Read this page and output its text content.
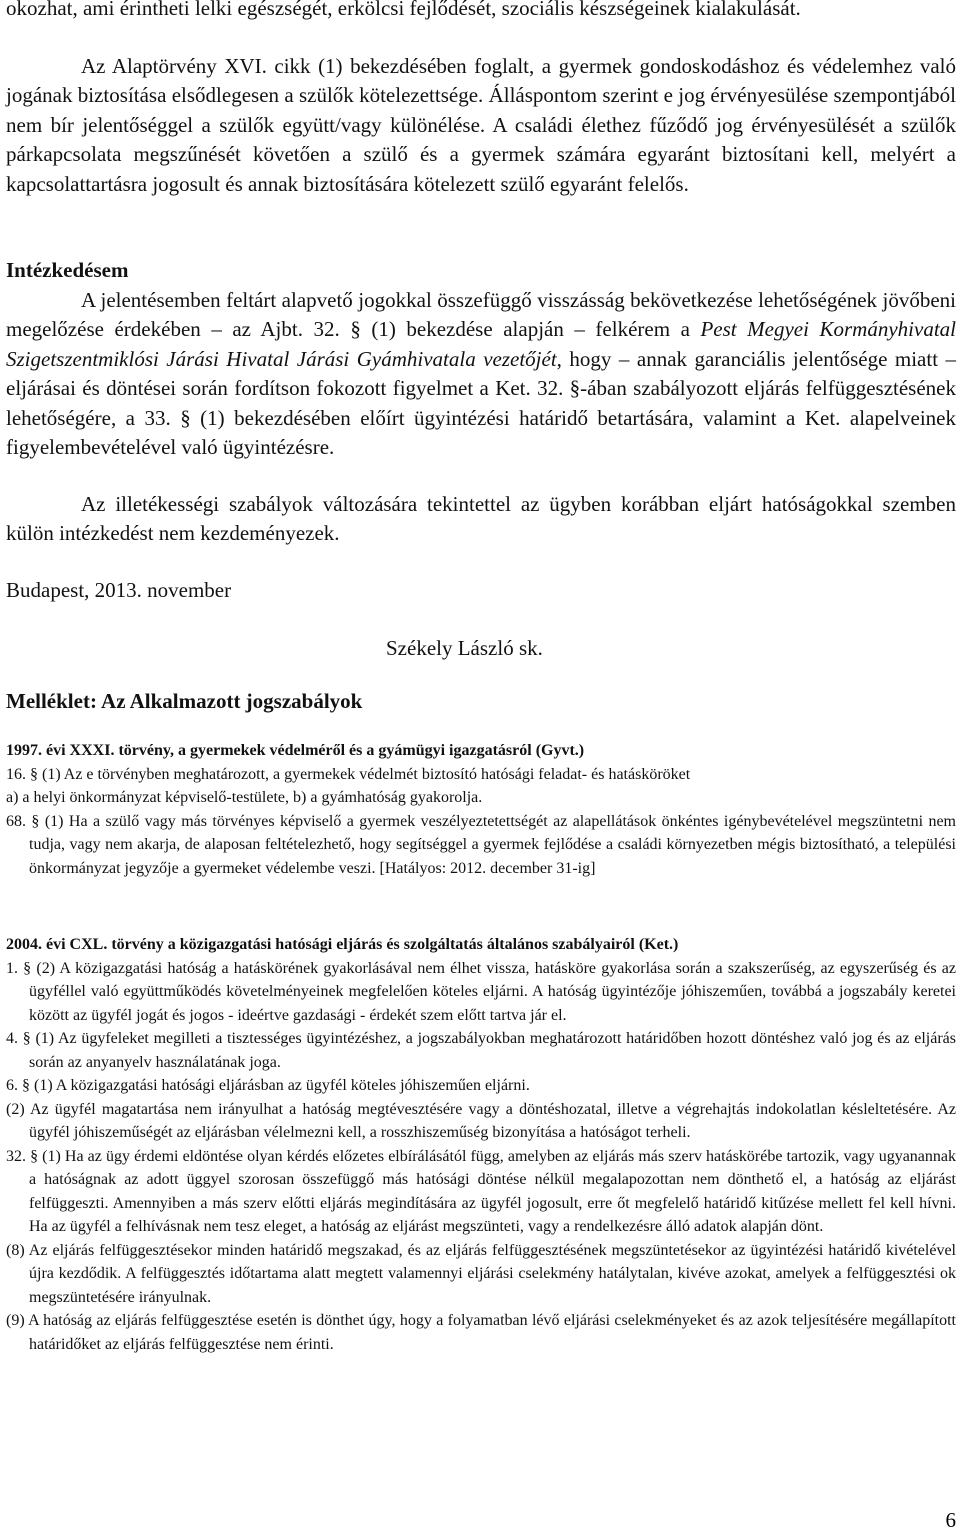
okozhat, ami érintheti lelki egészségét, erkölcsi fejlődését, szociális készségeinek kialakulását.

Az Alaptörvény XVI. cikk (1) bekezdésében foglalt, a gyermek gondoskodáshoz és védelemhez való jogának biztosítása elsődlegesen a szülők kötelezettsége. Álláspontom szerint e jog érvényesülése szempontjából nem bír jelentőséggel a szülők együtt/vagy különélése. A családi élethez fűződő jog érvényesülését a szülők párkapcsolata megszűnését követően a szülő és a gyermek számára egyaránt biztosítani kell, melyért a kapcsolattartásra jogosult és annak biztosítására kötelezett szülő egyaránt felelős.

Intézkedésem

A jelentésemben feltárt alapvető jogokkal összefüggő visszásság bekövetkezése lehetőségének jövőbeni megelőzése érdekében – az Ajbt. 32. § (1) bekezdése alapján – felkérem a Pest Megyei Kormányhivatal Szigetszentmiklósi Járási Hivatal Járási Gyámhivatala vezetőjét, hogy – annak garanciális jelentősége miatt – eljárásai és döntései során fordítson fokozott figyelmet a Ket. 32. §-ában szabályozott eljárás felfüggesztésének lehetőségére, a 33. § (1) bekezdésében előírt ügyintézési határidő betartására, valamint a Ket. alapelveinek figyelembevételével való ügyintézésre.

Az illetékességi szabályok változására tekintettel az ügyben korábban eljárt hatóságokkal szemben külön intézkedést nem kezdeményezek.

Budapest, 2013. november

Székely László sk.

Melléklet: Az Alkalmazott jogszabályok

1997. évi XXXI. törvény, a gyermekek védelméről és a gyámügyi igazgatásról (Gyvt.)

16. § (1) Az e törvényben meghatározott, a gyermekek védelmét biztosító hatósági feladat- és hatásköröket

a) a helyi önkormányzat képviselő-testülete, b) a gyámhatóság gyakorolja.

68. § (1) Ha a szülő vagy más törvényes képviselő a gyermek veszélyeztetettségét az alapellátások önkéntes igénybevételével megszüntetni nem tudja, vagy nem akarja, de alaposan feltételezhető, hogy segítséggel a gyermek fejlődése a családi környezetben mégis biztosítható, a települési önkormányzat jegyzője a gyermeket védelembe veszi. [Hatályos: 2012. december 31-ig]

2004. évi CXL. törvény a közigazgatási hatósági eljárás és szolgáltatás általános szabályairól (Ket.)

1. § (2) A közigazgatási hatóság a hatáskörének gyakorlásával nem élhet vissza, hatásköre gyakorlása során a szakszerűség, az egyszerűség és az ügyféllel való együttműködés követelményeinek megfelelően köteles eljárni. A hatóság ügyintézője jóhiszeműen, továbbá a jogszabály keretei között az ügyfél jogát és jogos - ideértve gazdasági - érdekét szem előtt tartva jár el.

4. § (1) Az ügyfeleket megilleti a tisztességes ügyintézéshez, a jogszabályokban meghatározott határidőben hozott döntéshez való jog és az eljárás során az anyanyelv használatának joga.

6. § (1) A közigazgatási hatósági eljárásban az ügyfél köteles jóhiszeműen eljárni.

(2) Az ügyfél magatartása nem irányulhat a hatóság megtévesztésére vagy a döntéshozatal, illetve a végrehajtás indokolatlan késleltetésére. Az ügyfél jóhiszeműségét az eljárásban vélelmezni kell, a rosszhiszeműség bizonyítása a hatóságot terheli.

32. § (1) Ha az ügy érdemi eldöntése olyan kérdés előzetes elbírálásától függ, amelyben az eljárás más szerv hatáskörébe tartozik, vagy ugyanannak a hatóságnak az adott üggyel szorosan összefüggő más hatósági döntése nélkül megalapozottan nem dönthető el, a hatóság az eljárást felfüggeszti. Amennyiben a más szerv előtti eljárás megindítására az ügyfél jogosult, erre őt megfelelő határidő kitűzése mellett fel kell hívni. Ha az ügyfél a felhívásnak nem tesz eleget, a hatóság az eljárást megszünteti, vagy a rendelkezésre álló adatok alapján dönt.

(8) Az eljárás felfüggesztésekor minden határidő megszakad, és az eljárás felfüggesztésének megszüntetésekor az ügyintézési határidő kivételével újra kezdődik. A felfüggesztés időtartama alatt megtett valamennyi eljárási cselekmény hatálytalan, kivéve azokat, amelyek a felfüggesztési ok megszüntetésére irányulnak.

(9) A hatóság az eljárás felfüggesztése esetén is dönthet úgy, hogy a folyamatban lévő eljárási cselekményeket és az azok teljesítésére megállapított határidőket az eljárás felfüggesztése nem érinti.

6
